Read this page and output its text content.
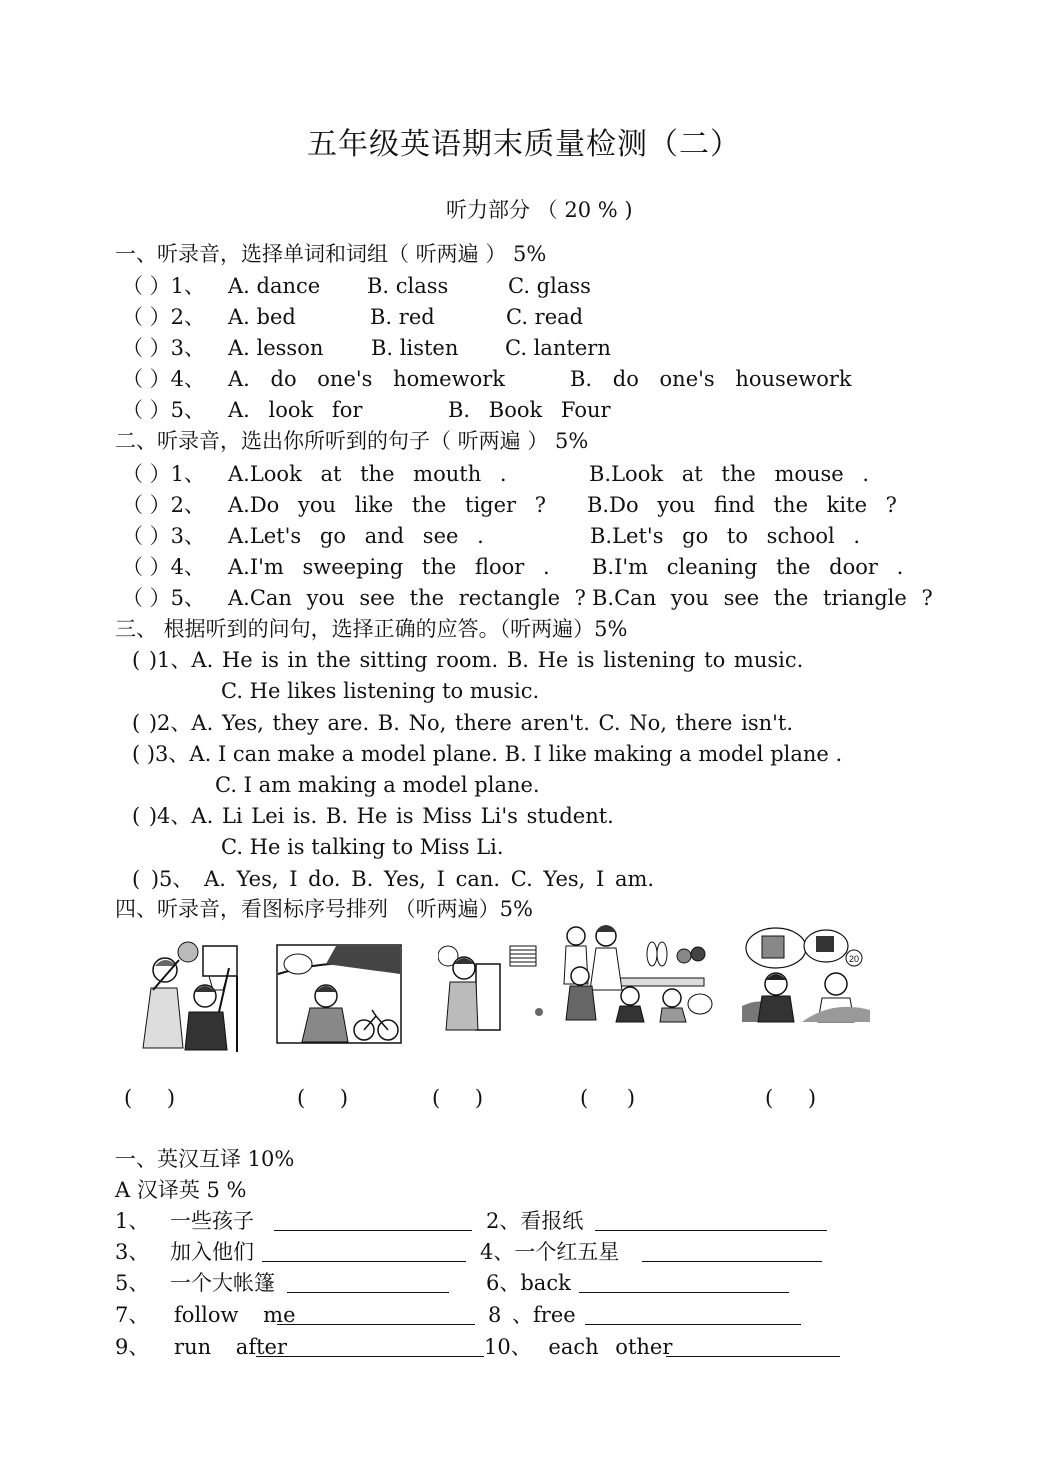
五年级英语期末质量检测（二）
听力部分 （ 20 % )
一、听录音，选择单词和词组（ 听两遍 ） 5%
（ ）1、 A. dance B. class	C. glass
（ ）2、 A. bed	B. red	C. read
（ ）3、 A. lesson B. listen C. lantern
（ ）4、 A. do one's homework	B. do one's housework
（ ）5、 A. look for	B. Book Four
二、听录音，选出你所听到的句子（ 听两遍 ） 5%
（ ）1、 A.Look at the mouth .	B.Look at the mouse .
（ ）2、 A.Do you like the tiger ? B.Do you find the kite ?
（ ）3、 A.Let's go and see .	B.Let's go to school .
（ ）4、 A.I'm sweeping the floor . B.I'm cleaning the door .
（ ）5、 A.Can you see the rectangle ? B.Can you see the triangle ?
三、 根据听到的问句，选择正确的应答。（听两遍）5%
( )1、A. He is in the sitting room. B. He is listening to music.
C. He likes listening to music.
( )2、A. Yes, they are. B. No, there aren't. C. No, there isn't.
( )3、A. I can make a model plane. B. I like making a model plane .
C. I am making a model plane.
( )4、A. Li Lei is. B. He is Miss Li's student.
C. He is talking to Miss Li.
( )5、 A. Yes, I do. B. Yes, I can. C. Yes, I am.
四、听录音，看图标序号排列 （听两遍）5%
20
( )	( )	( )	( )	( )
一、英汉互译 10%
A 汉译英 5 %
1、 一些孩子	2、看报纸
3、 加入他们	4、一个红五星
5、 一个大帐篷	6、back
7、 follow me	8 、free
9、 run after	10、 each other
